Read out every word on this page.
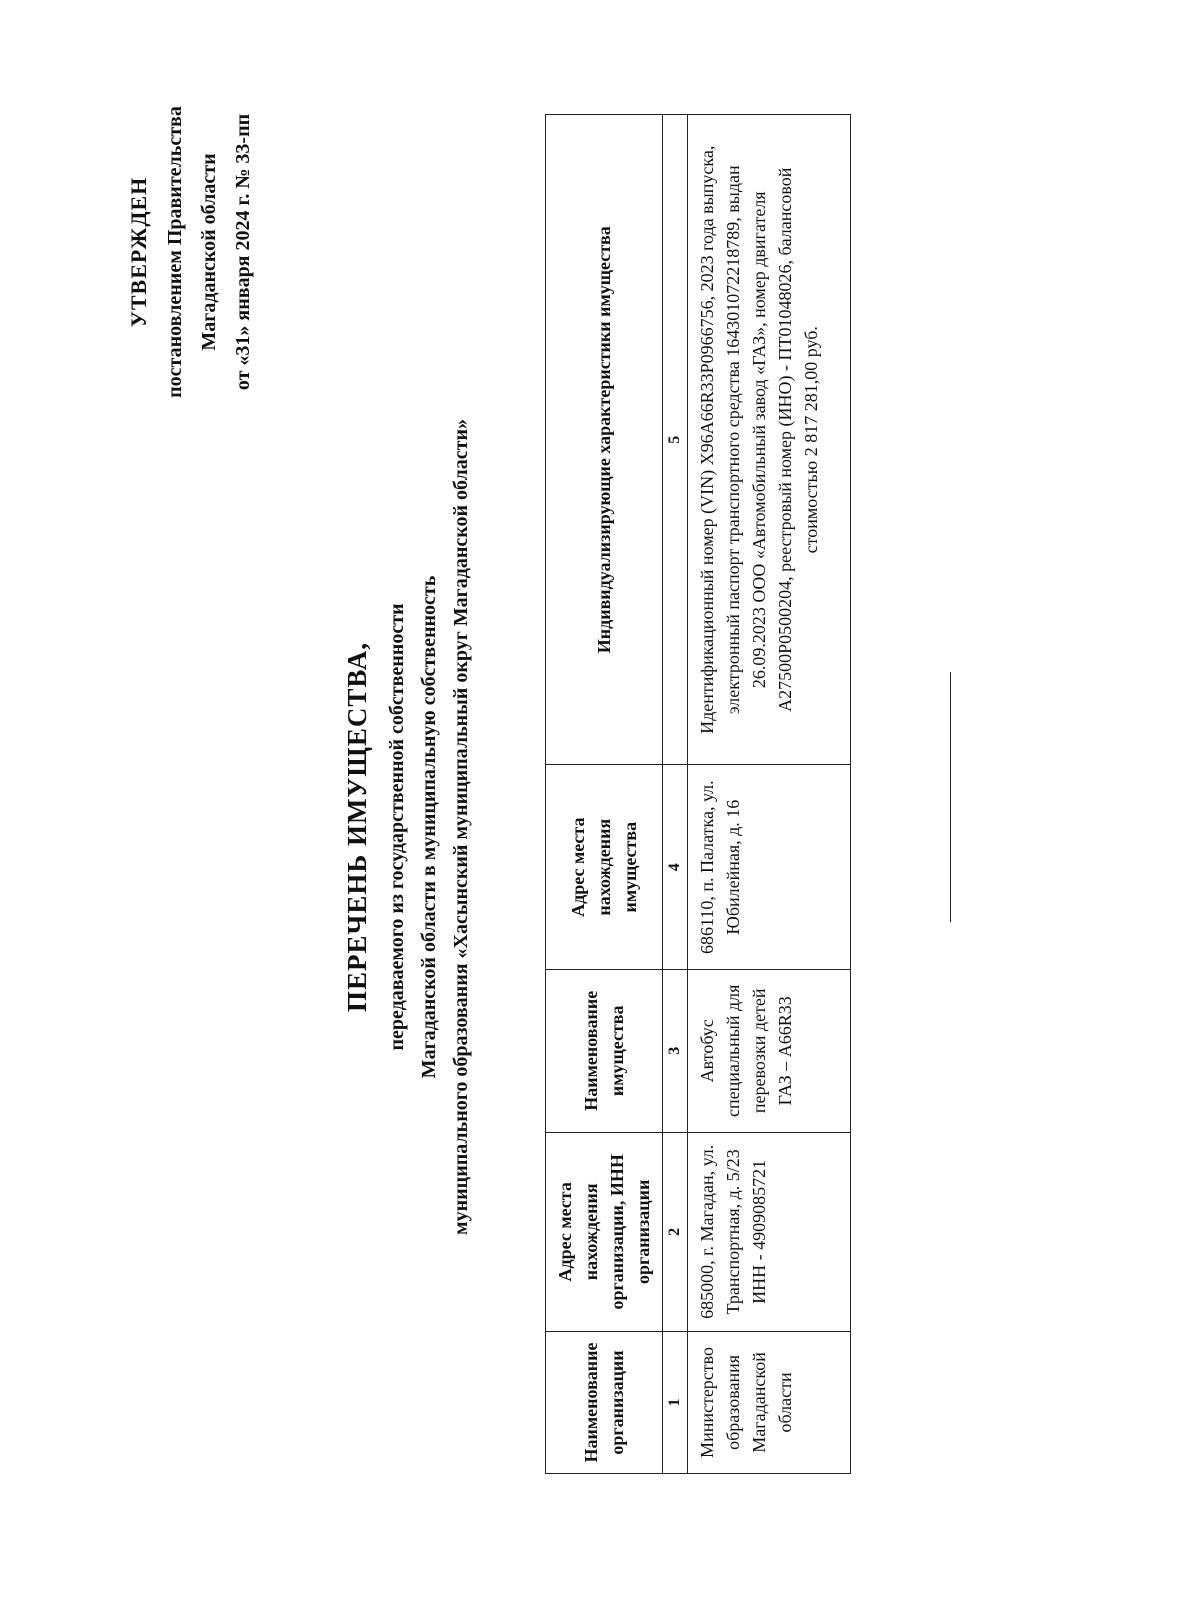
УТВЕРЖДЕН постановлением Правительства Магаданской области от «31» января 2024 г. № 33-пп
ПЕРЕЧЕНЬ ИМУЩЕСТВА, передаваемого из государственной собственности Магаданской области в муниципальную собственность муниципального образования «Хасынский муниципальный округ Магаданской области»
Наименование организации	Адрес места нахождения организации, ИНН организации	Наименование имущества	Адрес места нахождения имущества	Индивидуализирующие характеристики имущества
1	2	3	4	5
Министерство образования Магаданской области	685000, г. Магадан, ул. Транспортная, д. 5/23 ИНН - 4909085721	Автобус специальный для перевозки детей ГАЗ – А66R33	686110, п. Палатка, ул. Юбилейная, д. 16	Идентификационный номер (VIN) X96A66R33P0966756, 2023 года выпуска, электронный паспорт транспортного средства 164301072218789, выдан 26.09.2023 ООО «Автомобильный завод «ГАЗ», номер двигателя A27500P0500204, реестровый номер (ИНО) - ПТ01048026, балансовой стоимостью 2 817 281,00 руб.
